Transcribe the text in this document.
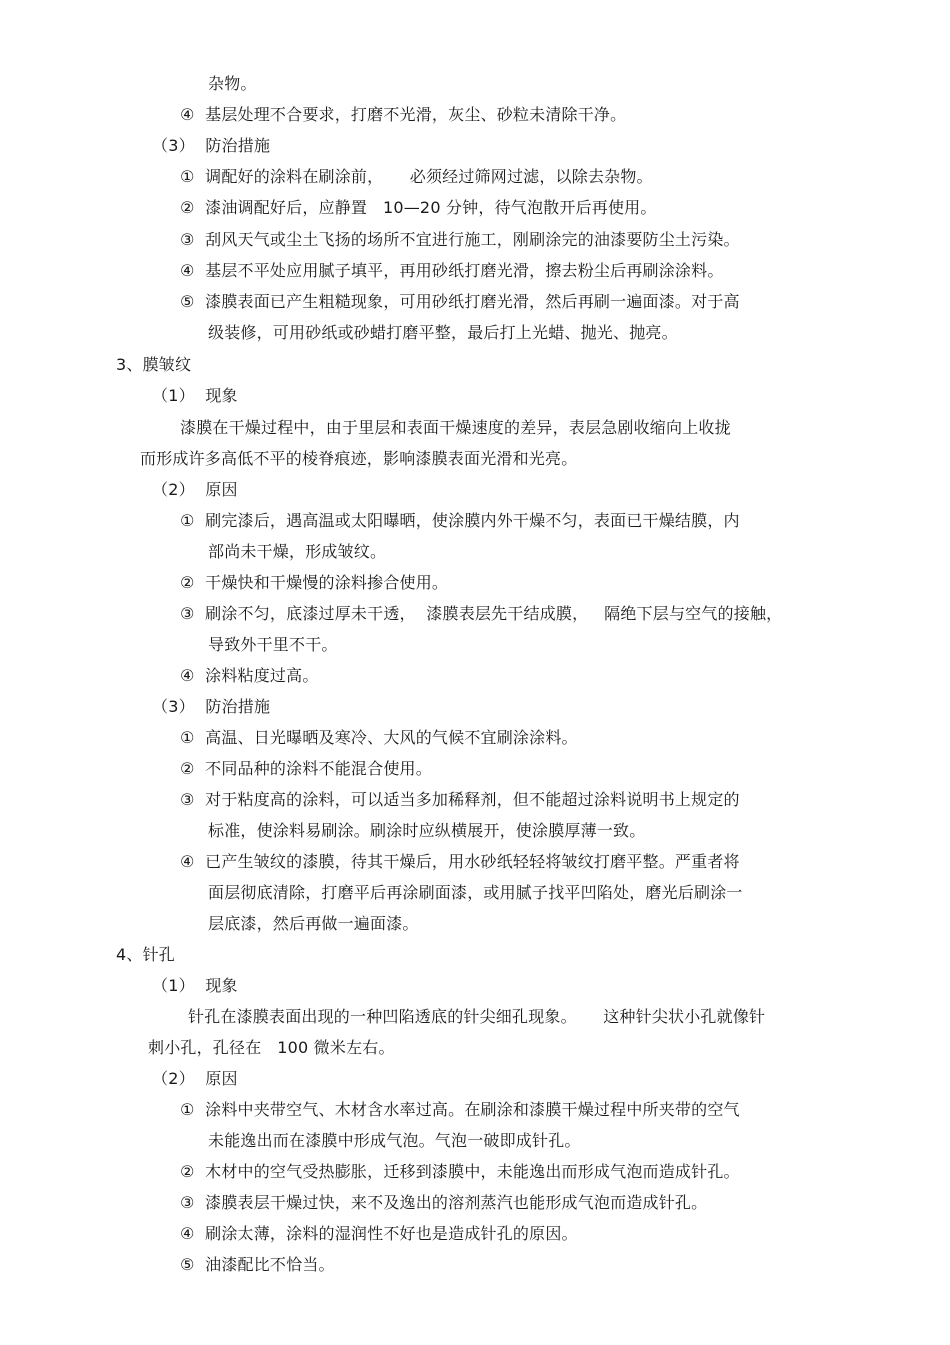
杂物。
④  基层处理不合要求，打磨不光滑，灰尘、砂粒未清除干净。
（3）  防治措施
①  调配好的涂料在刷涂前，     必须经过筛网过滤，以除去杂物。
②  漆油调配好后，应静置   10—20 分钟，待气泡散开后再使用。
③  刮风天气或尘土飞扬的场所不宜进行施工，刚刷涂完的油漆要防尘土污染。
④  基层不平处应用腻子填平，再用砂纸打磨光滑，擦去粉尘后再刷涂涂料。
⑤  漆膜表面已产生粗糙现象，可用砂纸打磨光滑，然后再刷一遍面漆。对于高
级装修，可用砂纸或砂蜡打磨平整，最后打上光蜡、抛光、抛亮。
3、膜皱纹
（1）  现象
漆膜在干燥过程中，由于里层和表面干燥速度的差异，表层急剧收缩向上收拢
而形成许多高低不平的棱脊痕迹，影响漆膜表面光滑和光亮。
（2）  原因
①  刷完漆后，遇高温或太阳曝晒，使涂膜内外干燥不匀，表面已干燥结膜，内
部尚未干燥，形成皱纹。
②  干燥快和干燥慢的涂料掺合使用。
③  刷涂不匀，底漆过厚未干透，  漆膜表层先干结成膜，   隔绝下层与空气的接触，
导致外干里不干。
④  涂料粘度过高。
（3）  防治措施
①  高温、日光曝晒及寒冷、大风的气候不宜刷涂涂料。
②  不同品种的涂料不能混合使用。
③  对于粘度高的涂料，可以适当多加稀释剂，但不能超过涂料说明书上规定的
标准，使涂料易刷涂。刷涂时应纵横展开，使涂膜厚薄一致。
④  已产生皱纹的漆膜，待其干燥后，用水砂纸轻轻将皱纹打磨平整。严重者将
面层彻底清除，打磨平后再涂刷面漆，或用腻子找平凹陷处，磨光后刷涂一
层底漆，然后再做一遍面漆。
4、针孔
（1）  现象
针孔在漆膜表面出现的一种凹陷透底的针尖细孔现象。     这种针尖状小孔就像针
刺小孔，孔径在   100 微米左右。
（2）  原因
①  涂料中夹带空气、木材含水率过高。在刷涂和漆膜干燥过程中所夹带的空气
未能逸出而在漆膜中形成气泡。气泡一破即成针孔。
②  木材中的空气受热膨胀，迁移到漆膜中，未能逸出而形成气泡而造成针孔。
③  漆膜表层干燥过快，来不及逸出的溶剂蒸汽也能形成气泡而造成针孔。
④  刷涂太薄，涂料的湿润性不好也是造成针孔的原因。
⑤  油漆配比不恰当。
